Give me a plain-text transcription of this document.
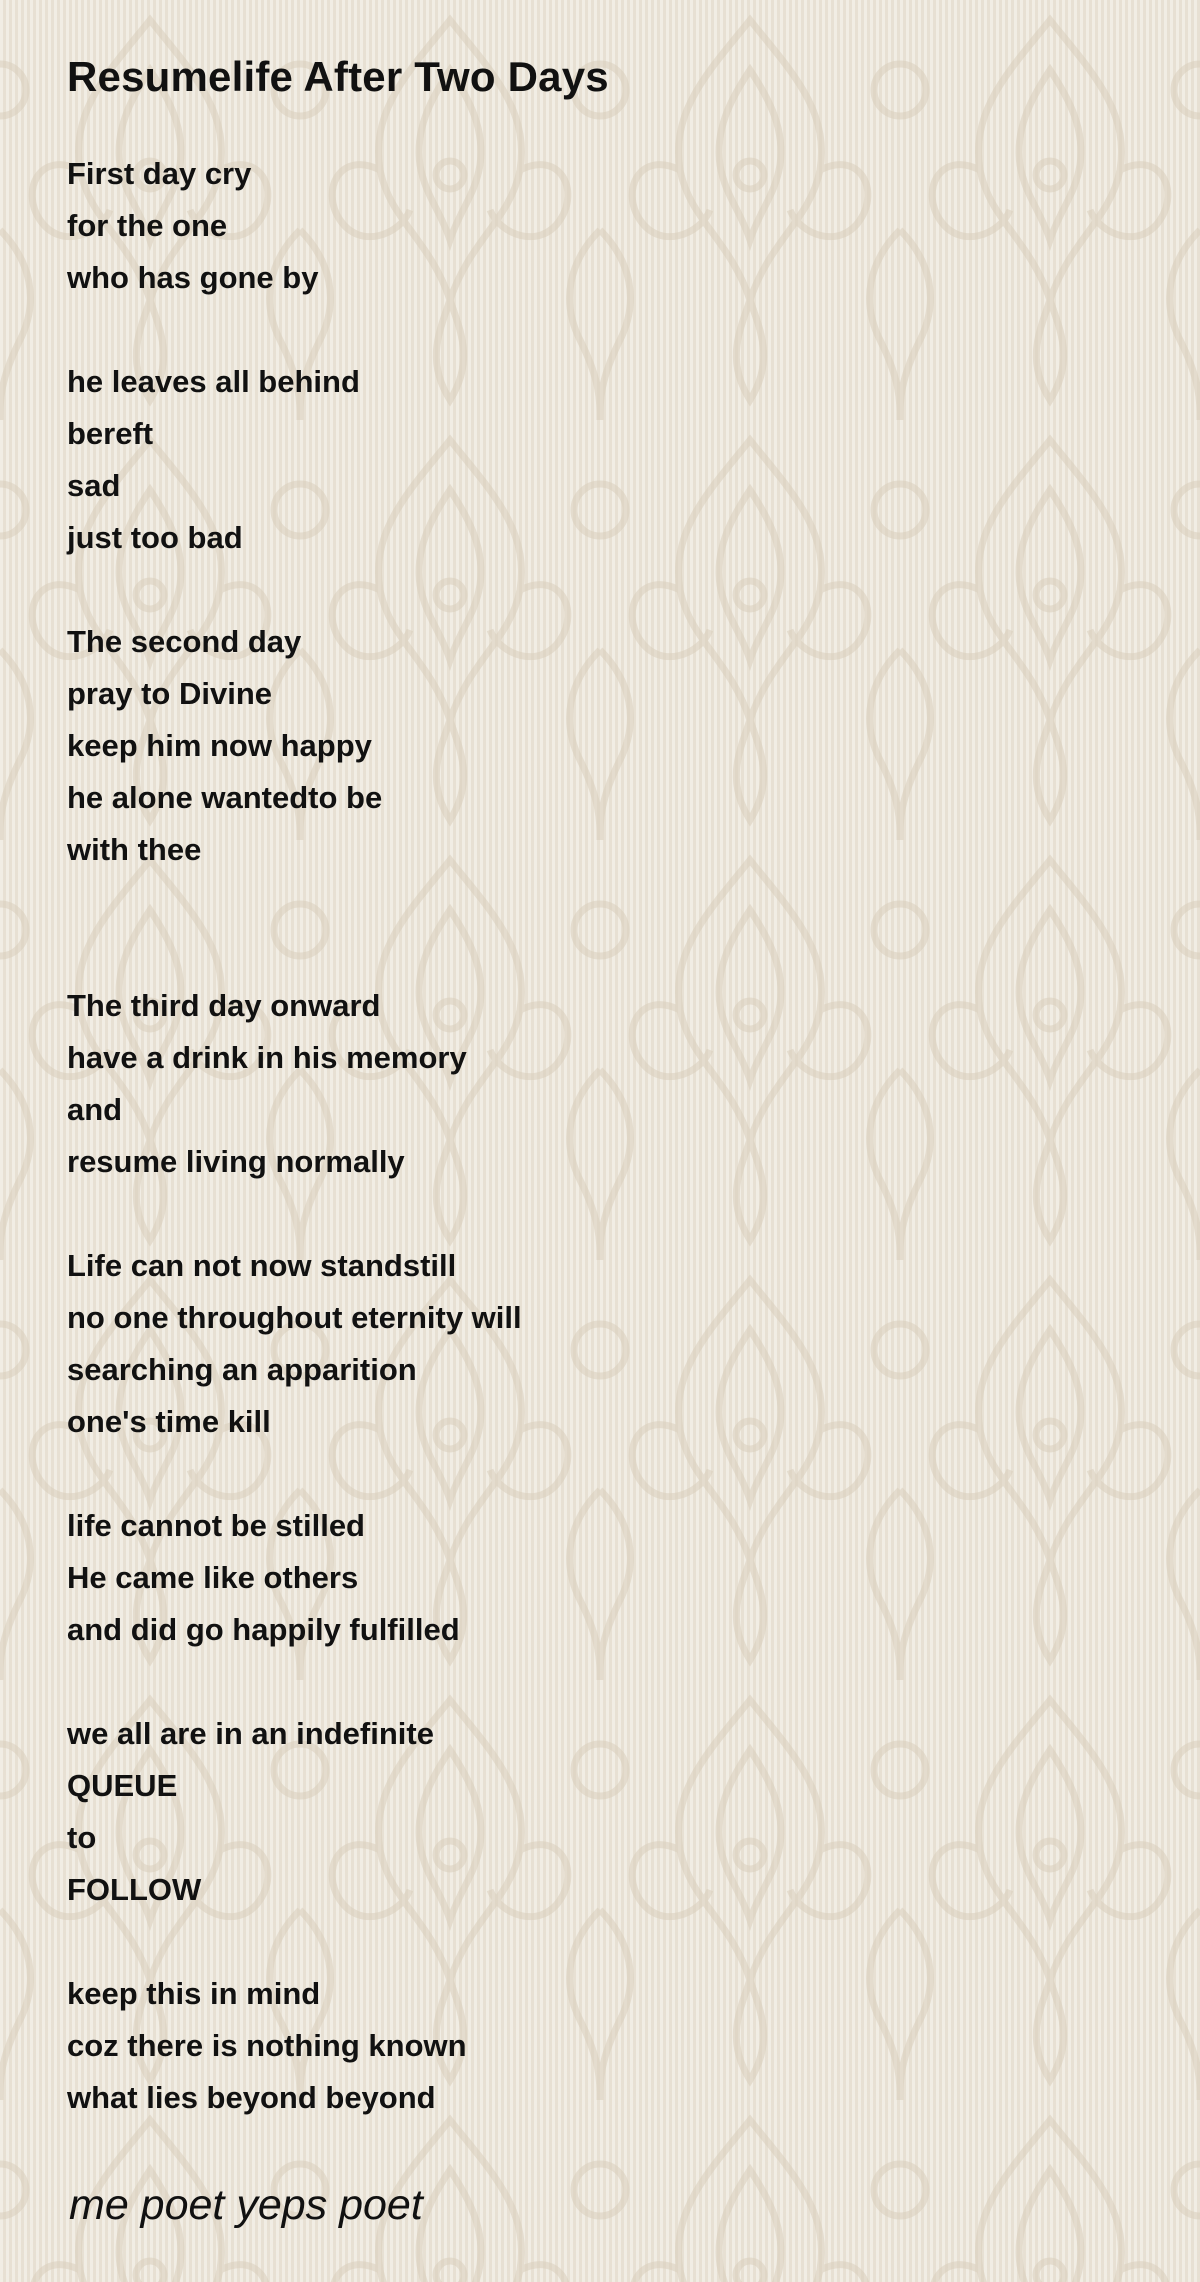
Resumelife After Two Days
First day cry
for the one
who has gone by
he leaves all behind
bereft
sad
just too bad
The second day
pray to Divine
keep him now happy
he alone wantedto be
with thee
The third day onward
have a drink in his memory
and
resume living normally
Life can not now standstill
no one throughout eternity will
searching an apparition
one's time kill
life cannot be stilled
He came like others
and did go happily fulfilled
we all are in an indefinite
QUEUE
to
FOLLOW
keep this in mind
coz there is nothing known
what lies beyond beyond
me poet yeps poet
